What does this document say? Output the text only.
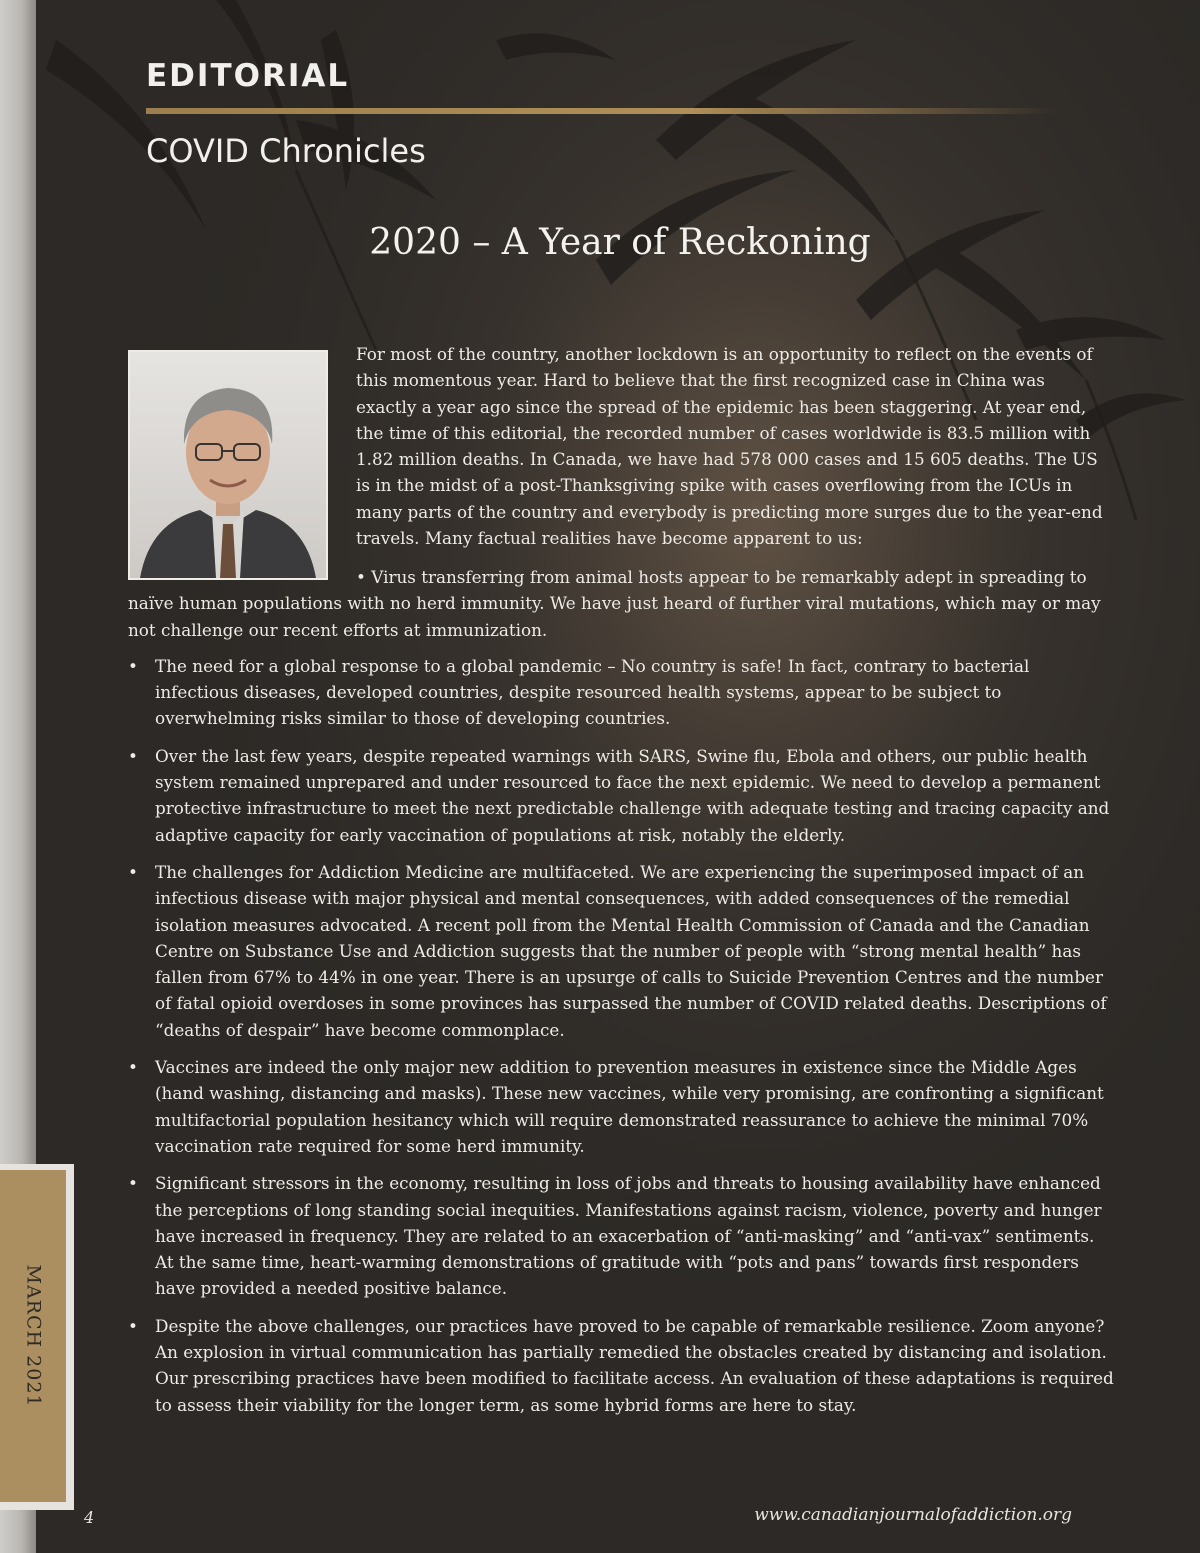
EDITORIAL
COVID Chronicles
2020 – A Year of Reckoning

For most of the country, another lockdown is an opportunity to reflect on the events of this momentous year. Hard to believe that the first recognized case in China was exactly a year ago since the spread of the epidemic has been staggering. At year end, the time of this editorial, the recorded number of cases worldwide is 83.5 million with 1.82 million deaths. In Canada, we have had 578 000 cases and 15 605 deaths. The US is in the midst of a post-Thanksgiving spike with cases overflowing from the ICUs in many parts of the country and everybody is predicting more surges due to the year-end travels. Many factual realities have become apparent to us:

• Virus transferring from animal hosts appear to be remarkably adept in spreading to naïve human populations with no herd immunity. We have just heard of further viral mutations, which may or may not challenge our recent efforts at immunization.
• The need for a global response to a global pandemic – No country is safe! In fact, contrary to bacterial infectious diseases, developed countries, despite resourced health systems, appear to be subject to overwhelming risks similar to those of developing countries.
• Over the last few years, despite repeated warnings with SARS, Swine flu, Ebola and others, our public health system remained unprepared and under resourced to face the next epidemic. We need to develop a permanent protective infrastructure to meet the next predictable challenge with adequate testing and tracing capacity and adaptive capacity for early vaccination of populations at risk, notably the elderly.
• The challenges for Addiction Medicine are multifaceted. We are experiencing the superimposed impact of an infectious disease with major physical and mental consequences, with added consequences of the remedial isolation measures advocated. A recent poll from the Mental Health Commission of Canada and the Canadian Centre on Substance Use and Addiction suggests that the number of people with “strong mental health” has fallen from 67% to 44% in one year. There is an upsurge of calls to Suicide Prevention Centres and the number of fatal opioid overdoses in some provinces has surpassed the number of COVID related deaths. Descriptions of “deaths of despair” have become commonplace.
• Vaccines are indeed the only major new addition to prevention measures in existence since the Middle Ages (hand washing, distancing and masks). These new vaccines, while very promising, are confronting a significant multifactorial population hesitancy which will require demonstrated reassurance to achieve the minimal 70% vaccination rate required for some herd immunity.
• Significant stressors in the economy, resulting in loss of jobs and threats to housing availability have enhanced the perceptions of long standing social inequities. Manifestations against racism, violence, poverty and hunger have increased in frequency. They are related to an exacerbation of “anti-masking” and “anti-vax” sentiments. At the same time, heart-warming demonstrations of gratitude with “pots and pans” towards first responders have provided a needed positive balance.
• Despite the above challenges, our practices have proved to be capable of remarkable resilience. Zoom anyone? An explosion in virtual communication has partially remedied the obstacles created by distancing and isolation. Our prescribing practices have been modified to facilitate access. An evaluation of these adaptations is required to assess their viability for the longer term, as some hybrid forms are here to stay.
MARCH 2021
4	www.canadianjournalofaddiction.org
